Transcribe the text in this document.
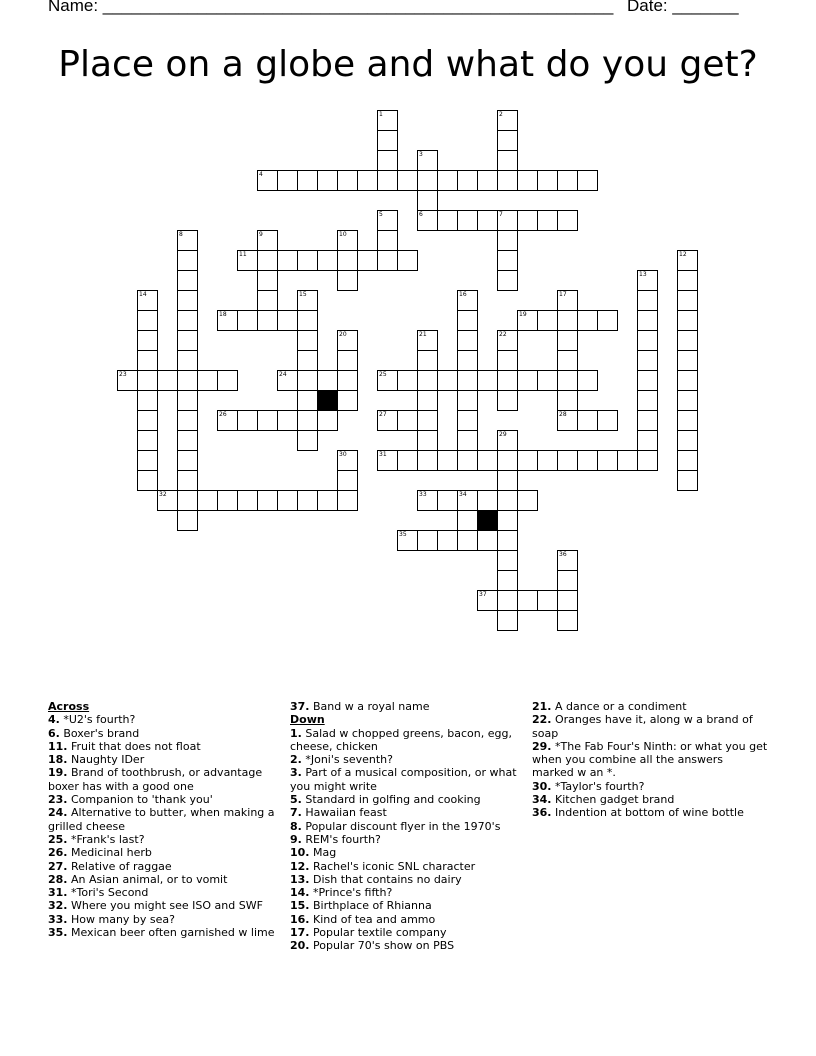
Name: ______________________________________________________ Date: _______
Place on a globe and what do you get?
1	2
3
4
5	6	7
8	9	10
11	12
13
14	15	16	17
18	19
20	21	22
23	24	25
26	27	28
29
30	31
32	33	34
35
36
37
Across
4. *U2's fourth?
6. Boxer's brand
11. Fruit that does not float
18. Naughty IDer
19. Brand of toothbrush, or advantage boxer has with a good one
23. Companion to 'thank you'
24. Alternative to butter, when making a grilled cheese
25. *Frank's last?
26. Medicinal herb
27. Relative of raggae
28. An Asian animal, or to vomit
31. *Tori's Second
32. Where you might see ISO and SWF
33. How many by sea?
35. Mexican beer often garnished w lime
37. Band w a royal name
Down
1. Salad w chopped greens, bacon, egg, cheese, chicken
2. *Joni's seventh?
3. Part of a musical composition, or what you might write
5. Standard in golfing and cooking
7. Hawaiian feast
8. Popular discount flyer in the 1970's
9. REM's fourth?
10. Mag
12. Rachel's iconic SNL character
13. Dish that contains no dairy
14. *Prince's fifth?
15. Birthplace of Rhianna
16. Kind of tea and ammo
17. Popular textile company
20. Popular 70's show on PBS
21. A dance or a condiment
22. Oranges have it, along w a brand of soap
29. *The Fab Four's Ninth: or what you get when you combine all the answers marked w an *.
30. *Taylor's fourth?
34. Kitchen gadget brand
36. Indention at bottom of wine bottle
